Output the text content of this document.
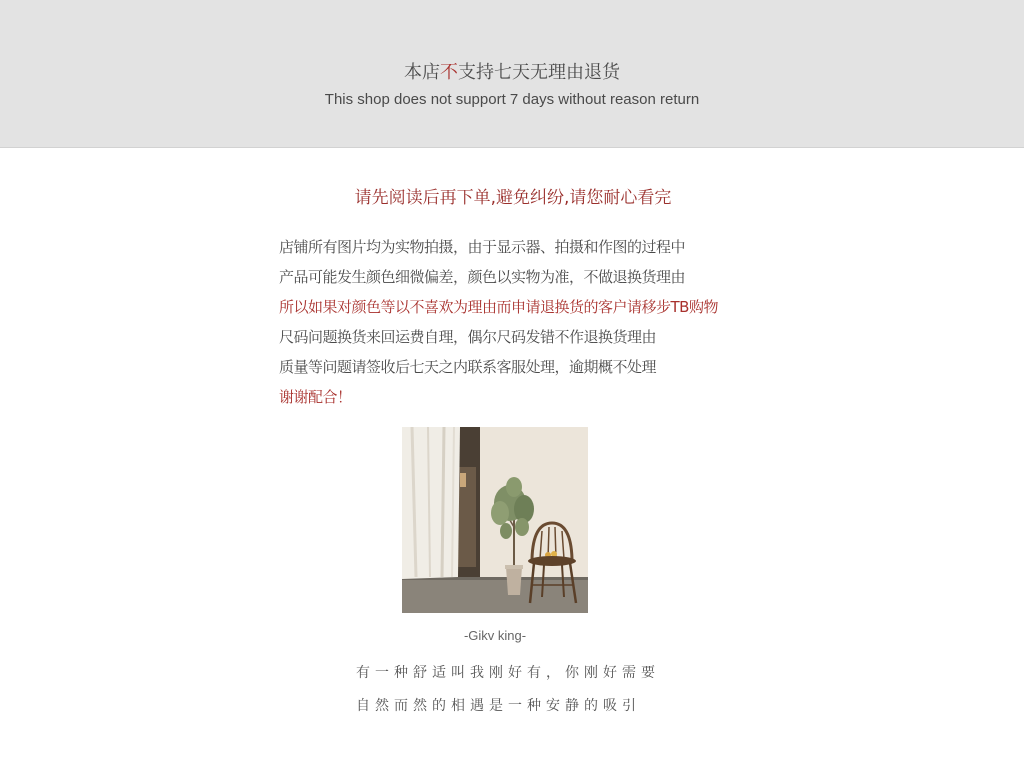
本店不支持七天无理由退货
This shop does not support 7 days without reason return
请先阅读后再下单,避免纠纷,请您耐心看完
店铺所有图片均为实物拍摄，由于显示器、拍摄和作图的过程中
产品可能发生颜色细微偏差，颜色以实物为准，不做退换货理由
所以如果对颜色等以不喜欢为理由而申请退换货的客户请移步TB购物
尺码问题换货来回运费自理，偶尔尺码发错不作退换货理由
质量等问题请签收后七天之内联系客服处理，逾期概不处理
谢谢配合！
-Gikv king-
有一种舒适叫我刚好有，你刚好需要
自然而然的相遇是一种安静的吸引
